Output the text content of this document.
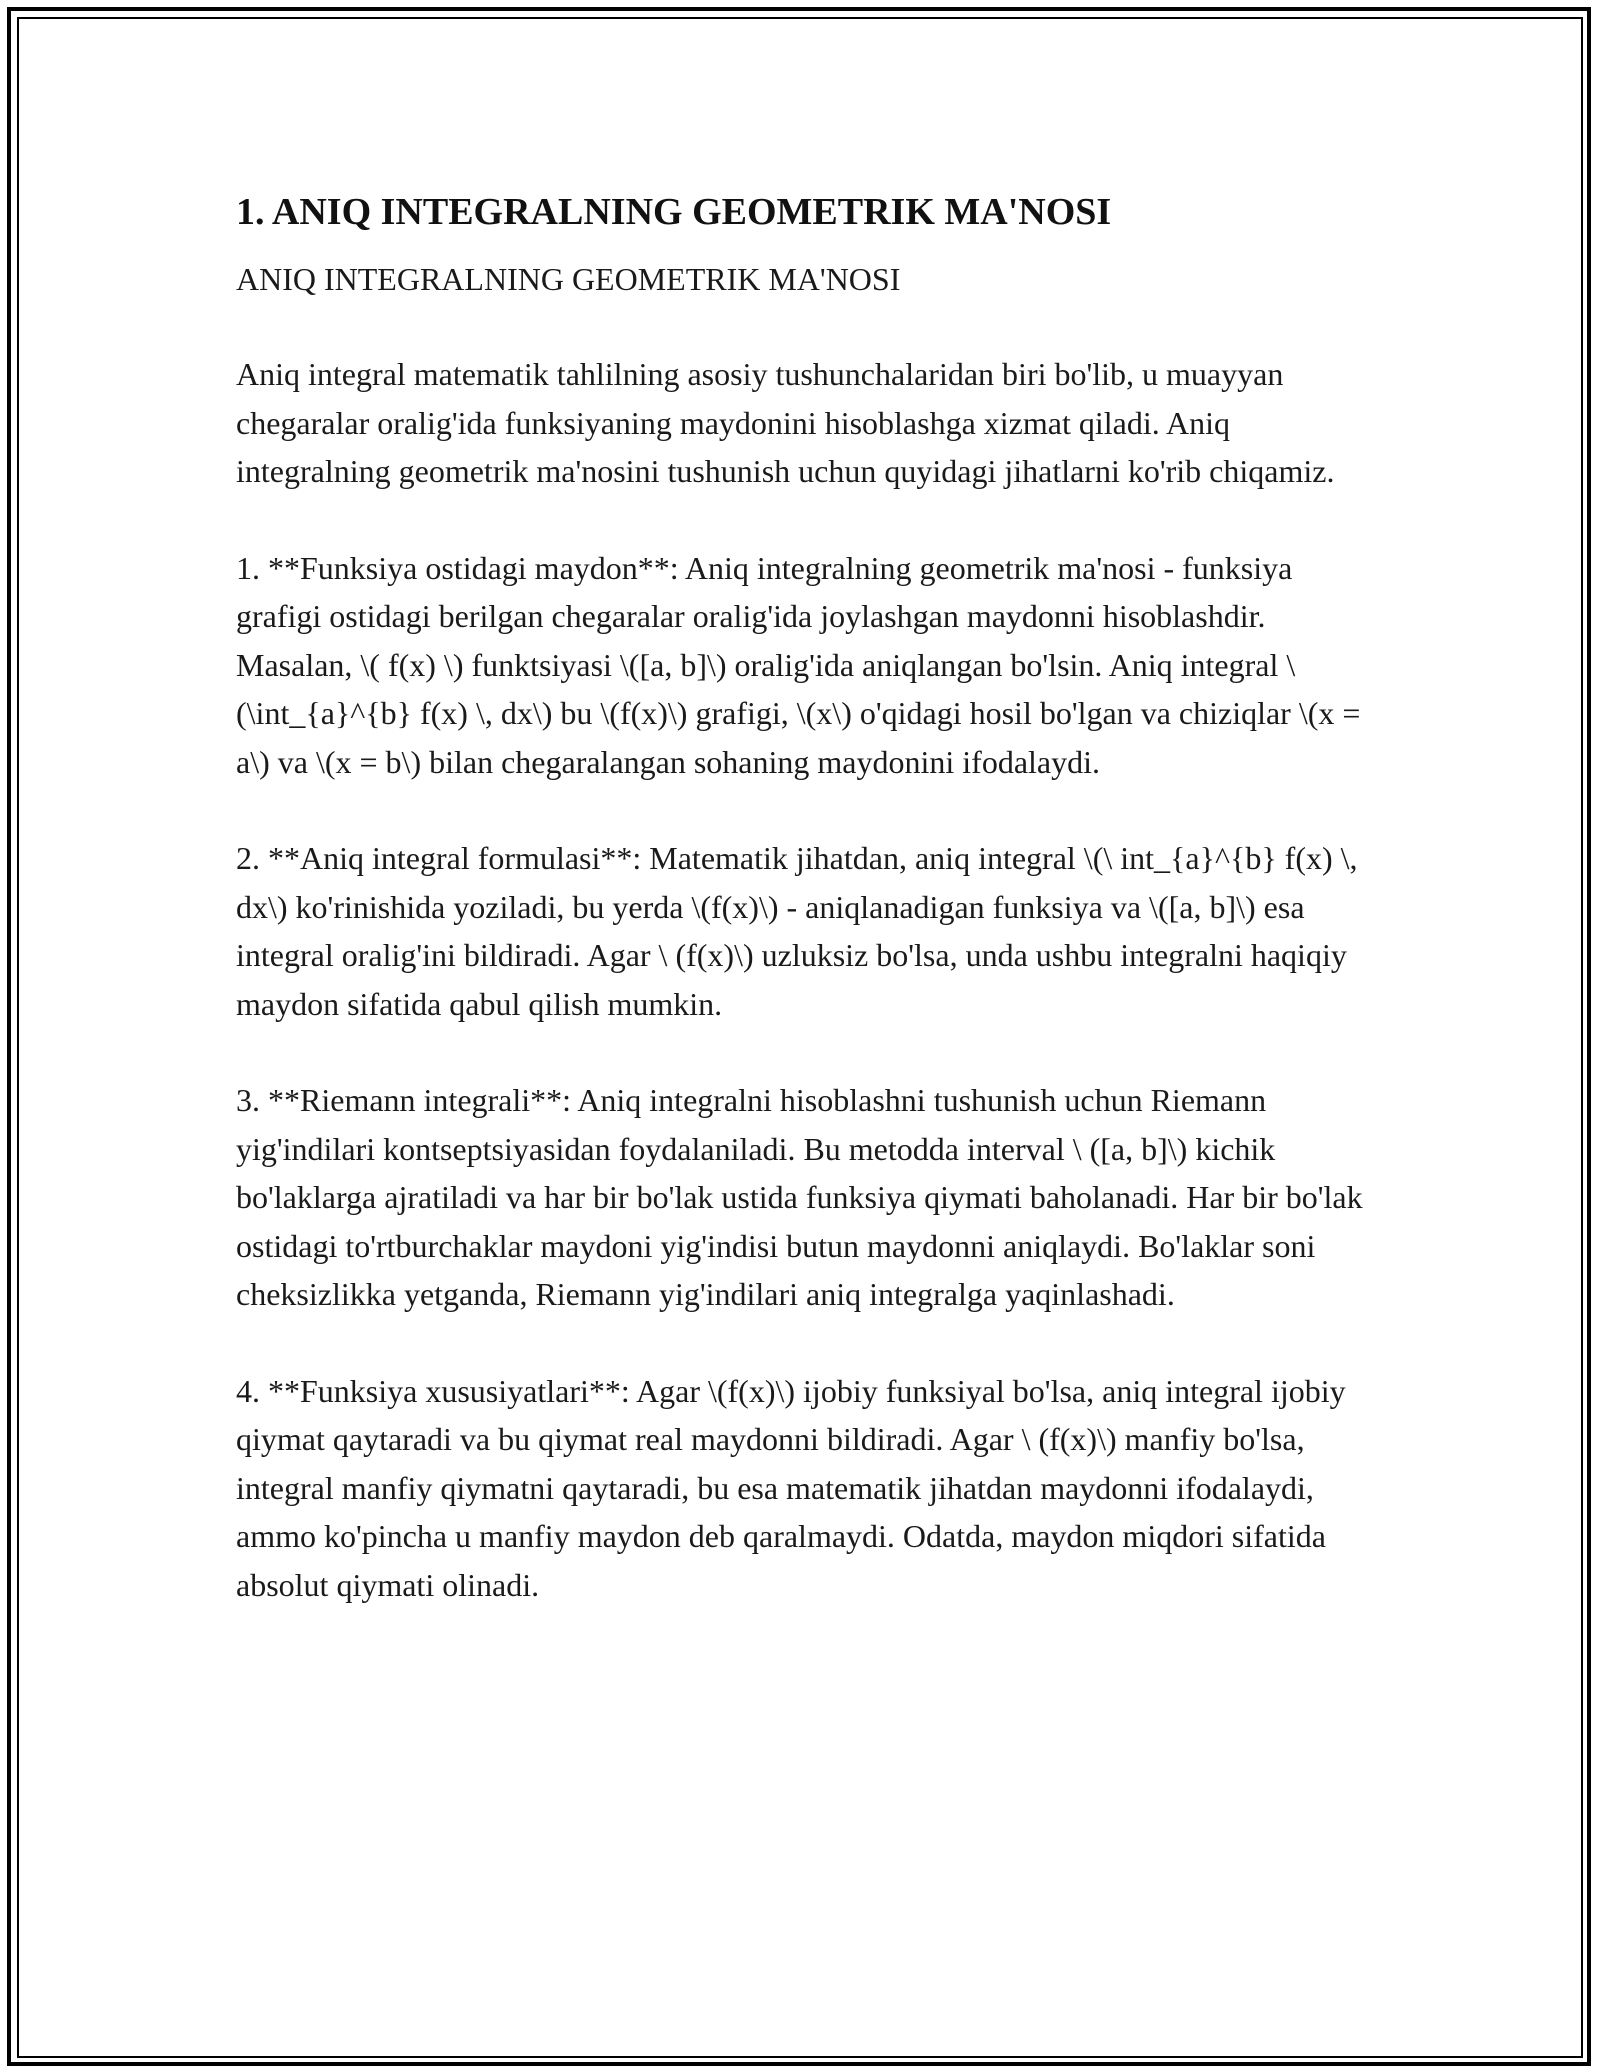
1. ANIQ INTEGRALNING GEOMETRIK MA'NOSI

ANIQ INTEGRALNING GEOMETRIK MA'NOSI

Aniq integral matematik tahlilning asosiy tushunchalaridan biri bo'lib, u muayyan chegaralar oralig'ida funksiyaning maydonini hisoblashga xizmat qiladi. Aniq integralning geometrik ma'nosini tushunish uchun quyidagi jihatlarni ko'rib chiqamiz.

1. **Funksiya ostidagi maydon**: Aniq integralning geometrik ma'nosi - funksiya grafigi ostidagi berilgan chegaralar oralig'ida joylashgan maydonni hisoblashdir. Masalan, \( f(x) \) funktsiyasi \([a, b]\) oralig'ida aniqlangan bo'lsin. Aniq integral \(\int_{a}^{b} f(x) \, dx\) bu \(f(x)\) grafigi, \(x\) o'qidagi hosil bo'lgan va chiziqlar \(x = a\) va \(x = b\) bilan chegaralangan sohaning maydonini ifodalaydi.

2. **Aniq integral formulasi**: Matematik jihatdan, aniq integral \(\ int_{a}^{b} f(x) \, dx\) ko'rinishida yoziladi, bu yerda \(f(x)\) - aniqlanadigan funksiya va \([a, b]\) esa integral oralig'ini bildiradi. Agar \ (f(x)\) uzluksiz bo'lsa, unda ushbu integralni haqiqiy maydon sifatida qabul qilish mumkin.

3. **Riemann integrali**: Aniq integralni hisoblashni tushunish uchun Riemann yig'indilari kontseptsiyasidan foydalaniladi. Bu metodda interval \ ([a, b]\) kichik bo'laklarga ajratiladi va har bir bo'lak ustida funksiya qiymati baholanadi. Har bir bo'lak ostidagi to'rtburchaklar maydoni yig'indisi butun maydonni aniqlaydi. Bo'laklar soni cheksizlikka yetganda, Riemann yig'indilari aniq integralga yaqinlashadi.

4. **Funksiya xususiyatlari**: Agar \(f(x)\) ijobiy funksiyal bo'lsa, aniq integral ijobiy qiymat qaytaradi va bu qiymat real maydonni bildiradi. Agar \ (f(x)\) manfiy bo'lsa, integral manfiy qiymatni qaytaradi, bu esa matematik jihatdan maydonni ifodalaydi, ammo ko'pincha u manfiy maydon deb qaralmaydi. Odatda, maydon miqdori sifatida absolut qiymati olinadi.
